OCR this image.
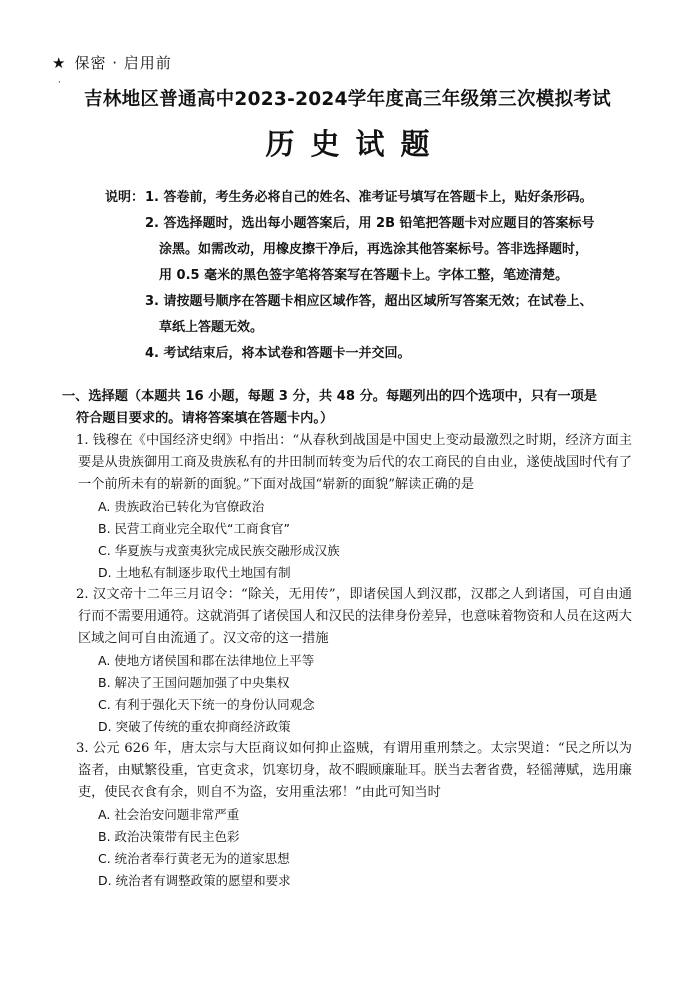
★ 保密 · 启用前
·
吉林地区普通高中2023-2024学年度高三年级第三次模拟考试
历史试题
说明： 1. 答卷前，考生务必将自己的姓名、准考证号填写在答题卡上，贴好条形码。
2. 答选择题时，选出每小题答案后，用 2B 铅笔把答题卡对应题目的答案标号
涂黑。如需改动，用橡皮擦干净后，再选涂其他答案标号。答非选择题时，
用 0.5 毫米的黑色签字笔将答案写在答题卡上。字体工整，笔迹清楚。
3. 请按题号顺序在答题卡相应区域作答，超出区域所写答案无效；在试卷上、
草纸上答题无效。
4. 考试结束后，将本试卷和答题卡一并交回。
一、选择题（本题共 16 小题，每题 3 分，共 48 分。每题列出的四个选项中，只有一项是
符合题目要求的。请将答案填在答题卡内。）
1. 钱穆在《中国经济史纲》中指出：“从春秋到战国是中国史上变动最激烈之时期，经济方面主要是从贵族御用工商及贵族私有的井田制而转变为后代的农工商民的自由业，遂使战国时代有了一个前所未有的崭新的面貌。”下面对战国“崭新的面貌”解读正确的是
A. 贵族政治已转化为官僚政治
B. 民营工商业完全取代“工商食官”
C. 华夏族与戎蛮夷狄完成民族交融形成汉族
D. 土地私有制逐步取代土地国有制
2. 汉文帝十二年三月诏令：“除关，无用传”，即诸侯国人到汉郡，汉郡之人到诸国，可自由通行而不需要用通符。这就消弭了诸侯国人和汉民的法律身份差异，也意味着物资和人员在这两大区域之间可自由流通了。汉文帝的这一措施
A. 使地方诸侯国和郡在法律地位上平等
B. 解决了王国问题加强了中央集权
C. 有利于强化天下统一的身份认同观念
D. 突破了传统的重农抑商经济政策
3. 公元 626 年，唐太宗与大臣商议如何抑止盗贼，有谓用重刑禁之。太宗哭道：“民之所以为盗者，由赋繁役重，官吏贪求，饥寒切身，故不暇顾廉耻耳。朕当去奢省费，轻徭薄赋，选用廉吏，使民衣食有余，则自不为盗，安用重法邪！”由此可知当时
A. 社会治安问题非常严重
B. 政治决策带有民主色彩
C. 统治者奉行黄老无为的道家思想
D. 统治者有调整政策的愿望和要求
